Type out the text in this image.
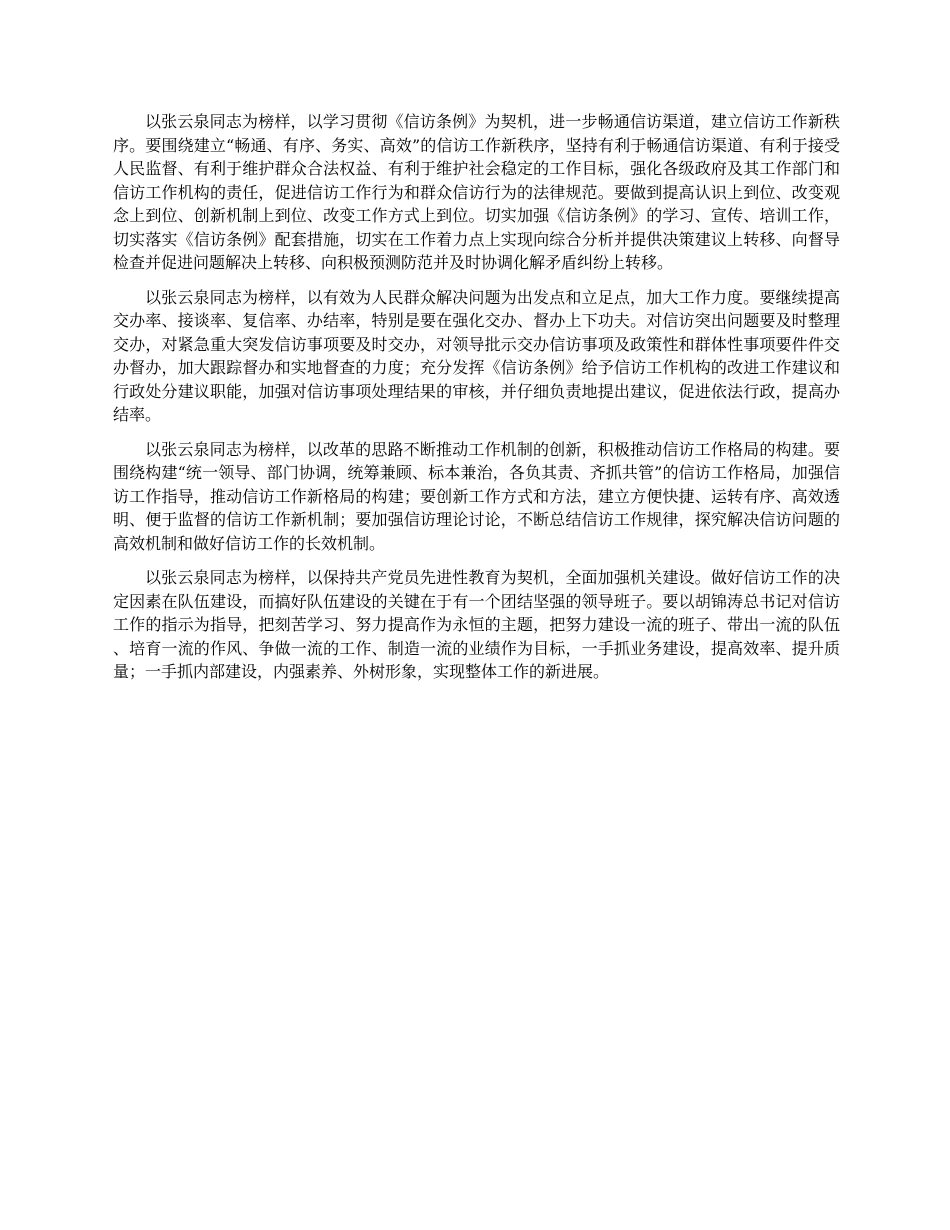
以张云泉同志为榜样，以学习贯彻《信访条例》为契机，进一步畅通信访渠道，建立信访工作新秩序。要围绕建立“畅通、有序、务实、高效”的信访工作新秩序，坚持有利于畅通信访渠道、有利于接受人民监督、有利于维护群众合法权益、有利于维护社会稳定的工作目标，强化各级政府及其工作部门和信访工作机构的责任，促进信访工作行为和群众信访行为的法律规范。要做到提高认识上到位、改变观念上到位、创新机制上到位、改变工作方式上到位。切实加强《信访条例》的学习、宣传、培训工作，切实落实《信访条例》配套措施，切实在工作着力点上实现向综合分析并提供决策建议上转移、向督导检查并促进问题解决上转移、向积极预测防范并及时协调化解矛盾纠纷上转移。

以张云泉同志为榜样，以有效为人民群众解决问题为出发点和立足点，加大工作力度。要继续提高交办率、接谈率、复信率、办结率，特别是要在强化交办、督办上下功夫。对信访突出问题要及时整理交办，对紧急重大突发信访事项要及时交办，对领导批示交办信访事项及政策性和群体性事项要件件交办督办，加大跟踪督办和实地督查的力度；充分发挥《信访条例》给予信访工作机构的改进工作建议和行政处分建议职能，加强对信访事项处理结果的审核，并仔细负责地提出建议，促进依法行政，提高办结率。

以张云泉同志为榜样，以改革的思路不断推动工作机制的创新，积极推动信访工作格局的构建。要围绕构建“统一领导、部门协调，统筹兼顾、标本兼治，各负其责、齐抓共管”的信访工作格局，加强信访工作指导，推动信访工作新格局的构建；要创新工作方式和方法，建立方便快捷、运转有序、高效透明、便于监督的信访工作新机制；要加强信访理论讨论，不断总结信访工作规律，探究解决信访问题的高效机制和做好信访工作的长效机制。

以张云泉同志为榜样，以保持共产党员先进性教育为契机，全面加强机关建设。做好信访工作的决定因素在队伍建设，而搞好队伍建设的关键在于有一个团结坚强的领导班子。要以胡锦涛总书记对信访工作的指示为指导，把刻苦学习、努力提高作为永恒的主题，把努力建设一流的班子、带出一流的队伍、培育一流的作风、争做一流的工作、制造一流的业绩作为目标，一手抓业务建设，提高效率、提升质量；一手抓内部建设，内强素养、外树形象，实现整体工作的新进展。
